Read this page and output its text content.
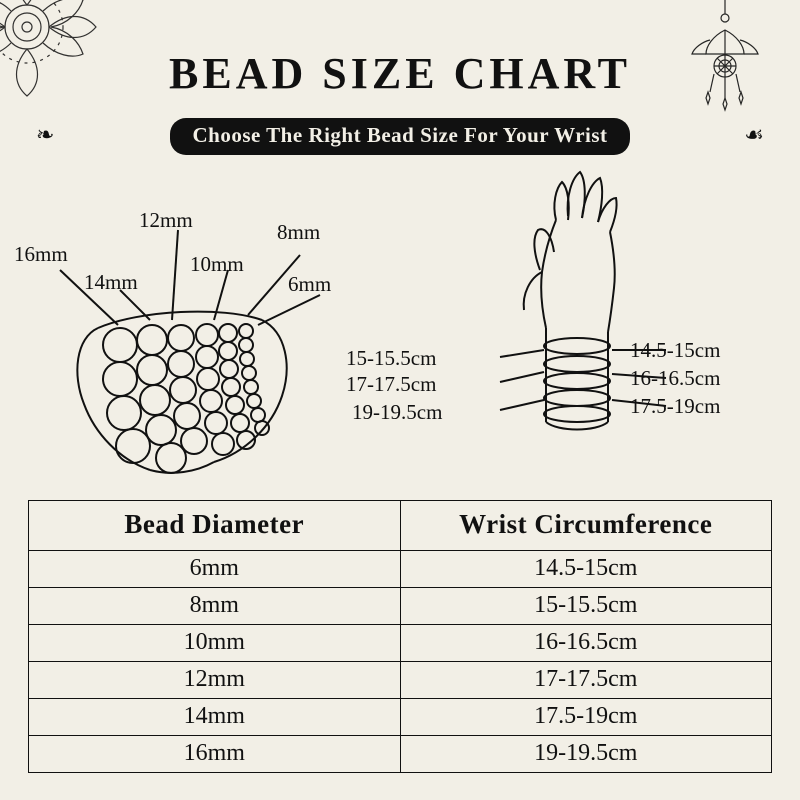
BEAD SIZE CHART
❧	☙
Choose The Right Bead Size For Your Wrist
16mm
14mm
12mm
10mm
8mm
6mm
15-15.5cm
17-17.5cm
19-19.5cm
14.5-15cm
16-16.5cm
17.5-19cm
Bead Diameter	Wrist Circumference
6mm	14.5-15cm
8mm	15-15.5cm
10mm	16-16.5cm
12mm	17-17.5cm
14mm	17.5-19cm
16mm	19-19.5cm
